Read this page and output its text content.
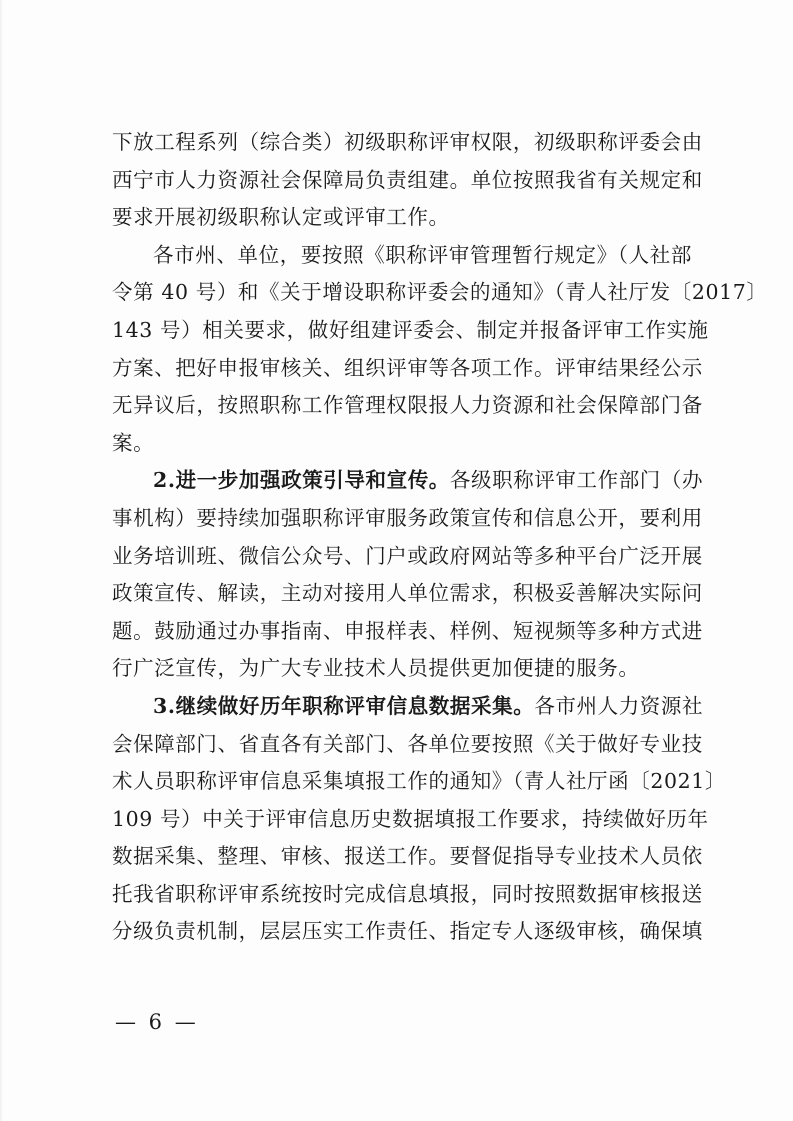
下放工程系列（综合类）初级职称评审权限，初级职称评委会由
西宁市人力资源社会保障局负责组建。单位按照我省有关规定和
要求开展初级职称认定或评审工作。
各市州、单位，要按照《职称评审管理暂行规定》（人社部
令第 40 号）和《关于增设职称评委会的通知》（青人社厅发〔2017〕
143 号）相关要求，做好组建评委会、制定并报备评审工作实施
方案、把好申报审核关、组织评审等各项工作。评审结果经公示
无异议后，按照职称工作管理权限报人力资源和社会保障部门备
案。
2.进一步加强政策引导和宣传。各级职称评审工作部门（办
事机构）要持续加强职称评审服务政策宣传和信息公开，要利用
业务培训班、微信公众号、门户或政府网站等多种平台广泛开展
政策宣传、解读，主动对接用人单位需求，积极妥善解决实际问
题。鼓励通过办事指南、申报样表、样例、短视频等多种方式进
行广泛宣传，为广大专业技术人员提供更加便捷的服务。
3.继续做好历年职称评审信息数据采集。各市州人力资源社
会保障部门、省直各有关部门、各单位要按照《关于做好专业技
术人员职称评审信息采集填报工作的通知》（青人社厅函〔2021〕
109 号）中关于评审信息历史数据填报工作要求，持续做好历年
数据采集、整理、审核、报送工作。要督促指导专业技术人员依
托我省职称评审系统按时完成信息填报，同时按照数据审核报送
分级负责机制，层层压实工作责任、指定专人逐级审核，确保填
— 6 —
